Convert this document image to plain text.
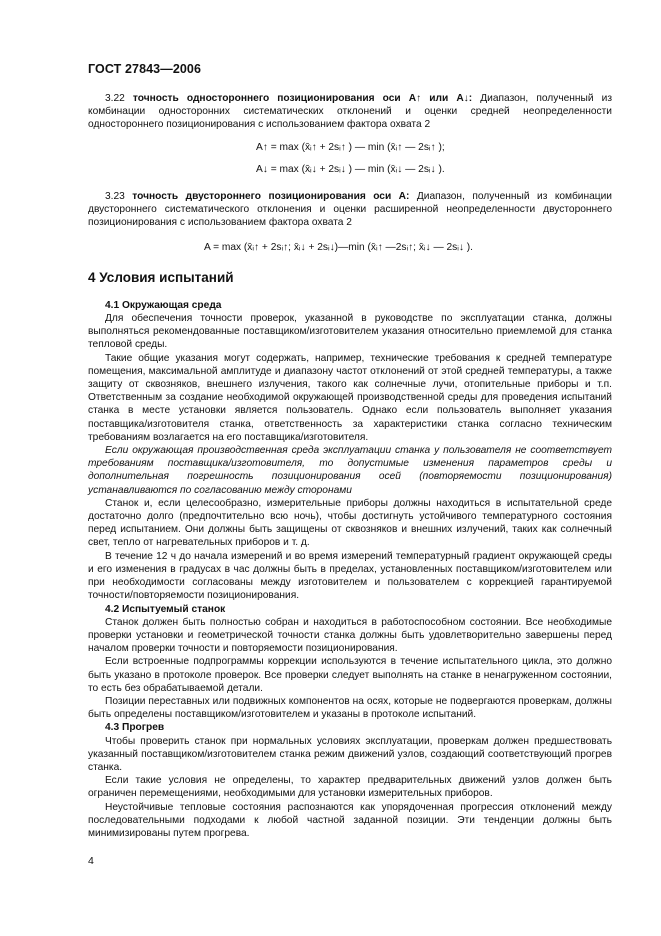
ГОСТ 27843—2006

3.22 точность одностороннего позиционирования оси A↑ или A↓: Диапазон, полученный из комбинации односторонних систематических отклонений и оценки средней неопределенности одностороннего позиционирования с использованием фактора охвата 2

A↑ = max (x̄ᵢ↑ + 2sᵢ↑ ) — min (x̄ᵢ↑ — 2sᵢ↑ );

A↓ = max (x̄ᵢ↓ + 2sᵢ↓ ) — min (x̄ᵢ↓ — 2sᵢ↓ ).

3.23 точность двустороннего позиционирования оси A: Диапазон, полученный из комбинации двустороннего систематического отклонения и оценки расширенной неопределенности двустороннего позиционирования с использованием фактора охвата 2

A = max (x̄ᵢ↑ + 2sᵢ↑; x̄ᵢ↓ + 2sᵢ↓)—min (x̄ᵢ↑ —2sᵢ↑; x̄ᵢ↓ — 2sᵢ↓ ).

4 Условия испытаний

4.1 Окружающая среда

Для обеспечения точности проверок, указанной в руководстве по эксплуатации станка, должны выполняться рекомендованные поставщиком/изготовителем указания относительно приемлемой для станка тепловой среды.

Такие общие указания могут содержать, например, технические требования к средней температуре помещения, максимальной амплитуде и диапазону частот отклонений от этой средней температуры, а также защиту от сквозняков, внешнего излучения, такого как солнечные лучи, отопительные приборы и т.п. Ответственным за создание необходимой окружающей производственной среды для проведения испытаний станка в месте установки является пользователь. Однако если пользователь выполняет указания поставщика/изготовителя станка, ответственность за характеристики станка согласно техническим требованиям возлагается на его поставщика/изготовителя.

Если окружающая производственная среда эксплуатации станка у пользователя не соответствует требованиям поставщика/изготовителя, то допустимые изменения параметров среды и дополнительная погрешность позиционирования осей (повторяемости позиционирования) устанавливаются по согласованию между сторонами

Станок и, если целесообразно, измерительные приборы должны находиться в испытательной среде достаточно долго (предпочтительно всю ночь), чтобы достигнуть устойчивого температурного состояния перед испытанием. Они должны быть защищены от сквозняков и внешних излучений, таких как солнечный свет, тепло от нагревательных приборов и т. д.

В течение 12 ч до начала измерений и во время измерений температурный градиент окружающей среды и его изменения в градусах в час должны быть в пределах, установленных поставщиком/изготовителем или при необходимости согласованы между изготовителем и пользователем с коррекцией гарантируемой точности/повторяемости позиционирования.

4.2 Испытуемый станок

Станок должен быть полностью собран и находиться в работоспособном состоянии. Все необходимые проверки установки и геометрической точности станка должны быть удовлетворительно завершены перед началом проверки точности и повторяемости позиционирования.

Если встроенные подпрограммы коррекции используются в течение испытательного цикла, это должно быть указано в протоколе проверок. Все проверки следует выполнять на станке в ненагруженном состоянии, то есть без обрабатываемой детали.

Позиции переставных или подвижных компонентов на осях, которые не подвергаются проверкам, должны быть определены поставщиком/изготовителем и указаны в протоколе испытаний.

4.3 Прогрев

Чтобы проверить станок при нормальных условиях эксплуатации, проверкам должен предшествовать указанный поставщиком/изготовителем станка режим движений узлов, создающий соответствующий прогрев станка.

Если такие условия не определены, то характер предварительных движений узлов должен быть ограничен перемещениями, необходимыми для установки измерительных приборов.

Неустойчивые тепловые состояния распознаются как упорядоченная прогрессия отклонений между последовательными подходами к любой частной заданной позиции. Эти тенденции должны быть минимизированы путем прогрева.

4
